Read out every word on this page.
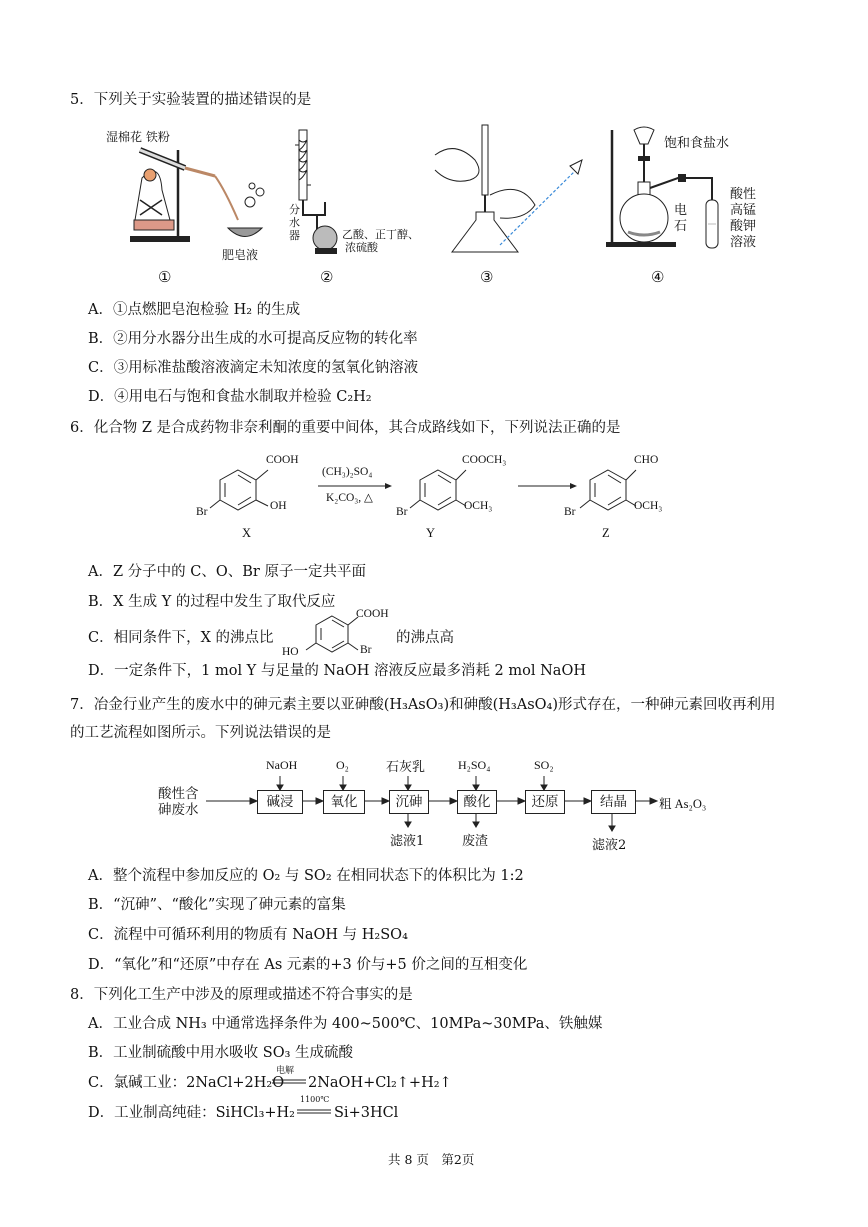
5．下列关于实验装置的描述错误的是
湿棉花 铁粉
肥皂液
①
分
水
器	乙酸、正丁醇、
浓硫酸
②	③
饱和食盐水
电
石
酸性
高锰
酸钾
溶液
④
A．①点燃肥皂泡检验 H₂ 的生成
B．②用分水器分出生成的水可提高反应物的转化率
C．③用标准盐酸溶液滴定未知浓度的氢氧化钠溶液
D．④用电石与饱和食盐水制取并检验 C₂H₂
6．化合物 Z 是合成药物非奈利酮的重要中间体，其合成路线如下，下列说法正确的是
COOH
OH
Br
(CH₃)₂SO₄
K₂CO₃, △
COOCH₃
OCH₃
Br
CHO
OCH₃
Br
X	Y	Z
A．Z 分子中的 C、O、Br 原子一定共平面
B．X 生成 Y 的过程中发生了取代反应
C．相同条件下，X 的沸点比
COOH
Br
HO
的沸点高
D．一定条件下，1 mol Y 与足量的 NaOH 溶液反应最多消耗 2 mol NaOH
7．冶金行业产生的废水中的砷元素主要以亚砷酸(H₃AsO₃)和砷酸(H₃AsO₄)形式存在，一种砷元素回收再利用
的工艺流程如图所示。下列说法错误的是
酸性含
砷废水	碱浸	氧化	沉砷	酸化	还原	结晶
NaOH	O₂	石灰乳	H₂SO₄	SO₂
滤液1	废渣	滤液2
粗 As₂O₃
A．整个流程中参加反应的 O₂ 与 SO₂ 在相同状态下的体积比为 1:2
B．“沉砷”、“酸化”实现了砷元素的富集
C．流程中可循环利用的物质有 NaOH 与 H₂SO₄
D．“氧化”和“还原”中存在 As 元素的+3 价与+5 价之间的互相变化
8．下列化工生产中涉及的原理或描述不符合事实的是
A．工业合成 NH₃ 中通常选择条件为 400~500℃、10MPa~30MPa、铁触媒
B．工业制硫酸中用水吸收 SO₃ 生成硫酸
C．氯碱工业：2NaCl+2H₂O
电解
2NaOH+Cl₂↑+H₂↑
D．工业制高纯硅：SiHCl₃+H₂
1100℃
Si+3HCl
共 8 页　第2页
